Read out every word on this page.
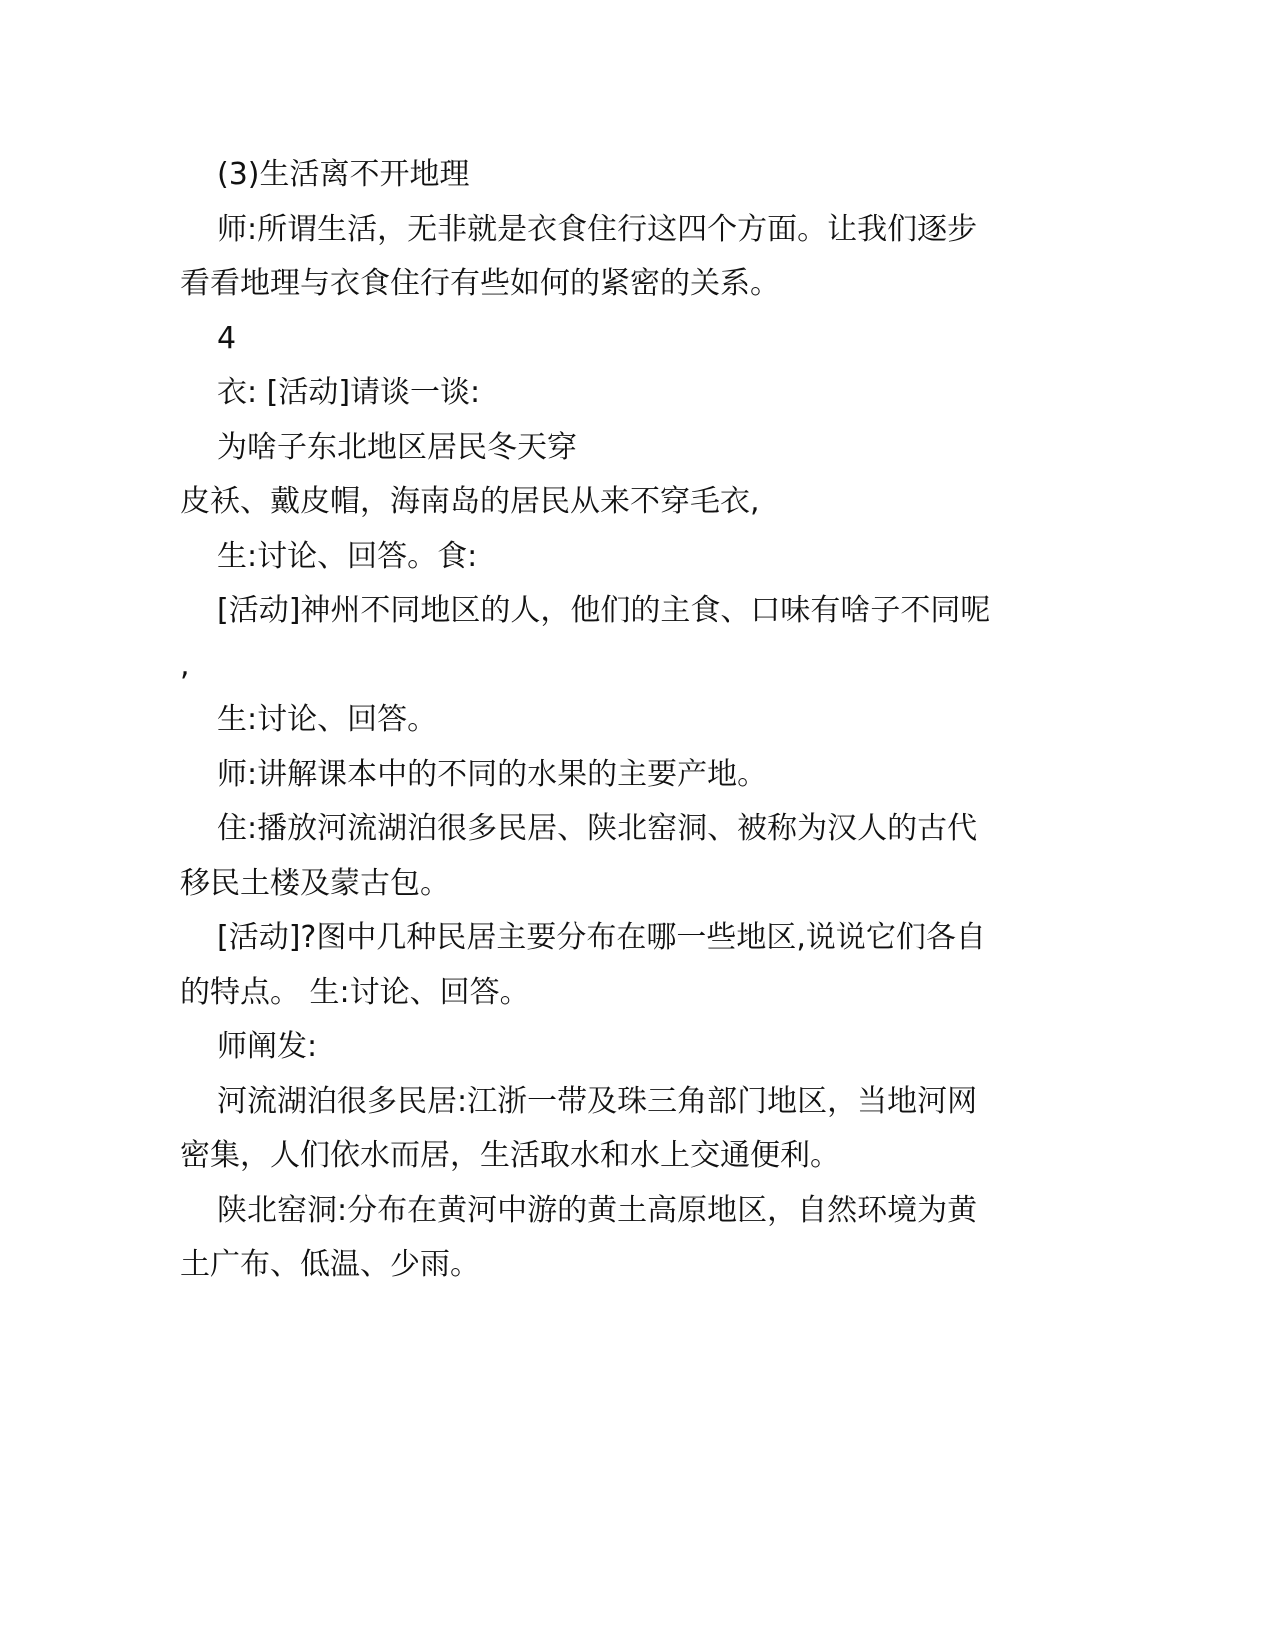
(3)生活离不开地理

师:所谓生活，无非就是衣食住行这四个方面。让我们逐步

看看地理与衣食住行有些如何的紧密的关系。

4

衣: [活动]请谈一谈:

为啥子东北地区居民冬天穿

皮袄、戴皮帽，海南岛的居民从来不穿毛衣,

生:讨论、回答。食:

[活动]神州不同地区的人，他们的主食、口味有啥子不同呢

,

生:讨论、回答。

师:讲解课本中的不同的水果的主要产地。

住:播放河流湖泊很多民居、陕北窑洞、被称为汉人的古代

移民土楼及蒙古包。

[活动]?图中几种民居主要分布在哪一些地区,说说它们各自

的特点。 生:讨论、回答。

师阐发:

河流湖泊很多民居:江浙一带及珠三角部门地区，当地河网

密集，人们依水而居，生活取水和水上交通便利。

陕北窑洞:分布在黄河中游的黄土高原地区，自然环境为黄

土广布、低温、少雨。
